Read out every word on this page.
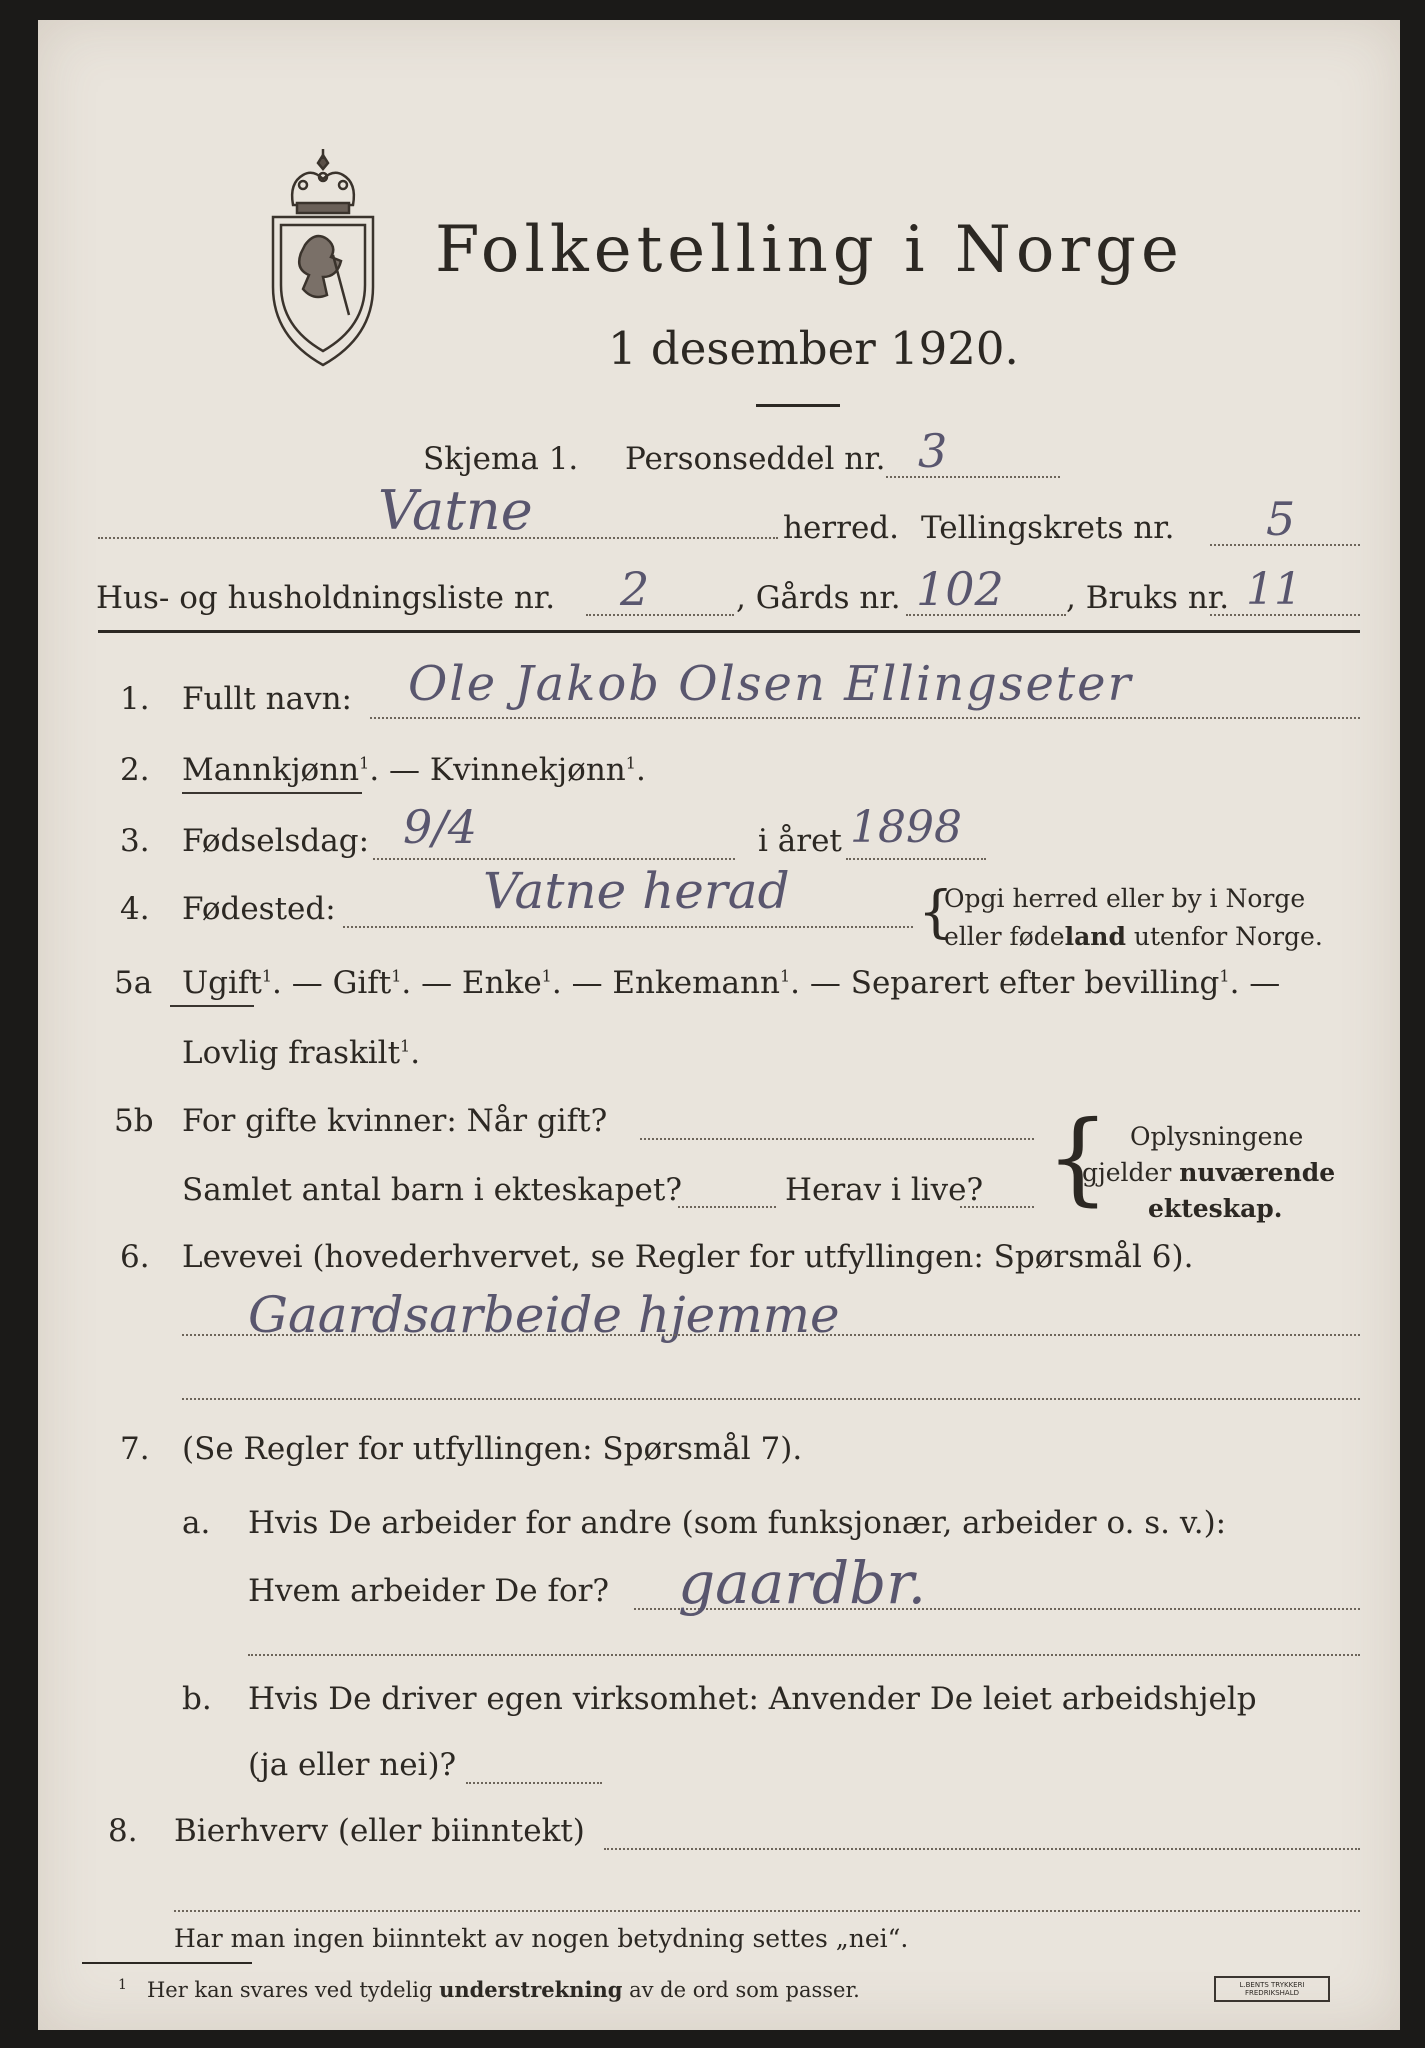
Folketelling i Norge
1 desember 1920.
Skjema 1. Personseddel nr. 3
Vatne	herred. Tellingskrets nr. 5
Hus- og husholdningsliste nr. 2	, Gårds nr. 102 , Bruks nr. 11
1. Fullt navn: Ole Jakob Olsen Ellingseter
2. Mannkjønn$^1$. — Kvinnekjønn$^1$.
3. Fødselsdag: 9/4	i året 1898
4. Fødested:	Vatne herad {
Opgi herred eller by i Norge
eller fødeland utenfor Norge.
5a Ugift$^1$. — Gift$^1$. — Enke$^1$. — Enkemann$^1$. — Separert efter bevilling$^1$. —
Lovlig fraskilt$^1$.
5b For gifte kvinner: Når gift?
Samlet antal barn i ekteskapet?	Herav i live? { Oplysningene
gjelder nuværende
ekteskap.
6. Levevei (hovederhvervet, se Regler for utfyllingen: Spørsmål 6).
Gaardsarbeide hjemme
7. (Se Regler for utfyllingen: Spørsmål 7).
a. Hvis De arbeider for andre (som funksjonær, arbeider o. s. v.):
Hvem arbeider De for? gaardbr.
b. Hvis De driver egen virksomhet: Anvender De leiet arbeidshjelp
(ja eller nei)?
8. Bierhverv (eller biinntekt)
Har man ingen biinntekt av nogen betydning settes „nei“.
$^1$ Her kan svares ved tydelig understrekning av de ord som passer.	L.BENTS TRYKKERI
FREDRIKSHALD
